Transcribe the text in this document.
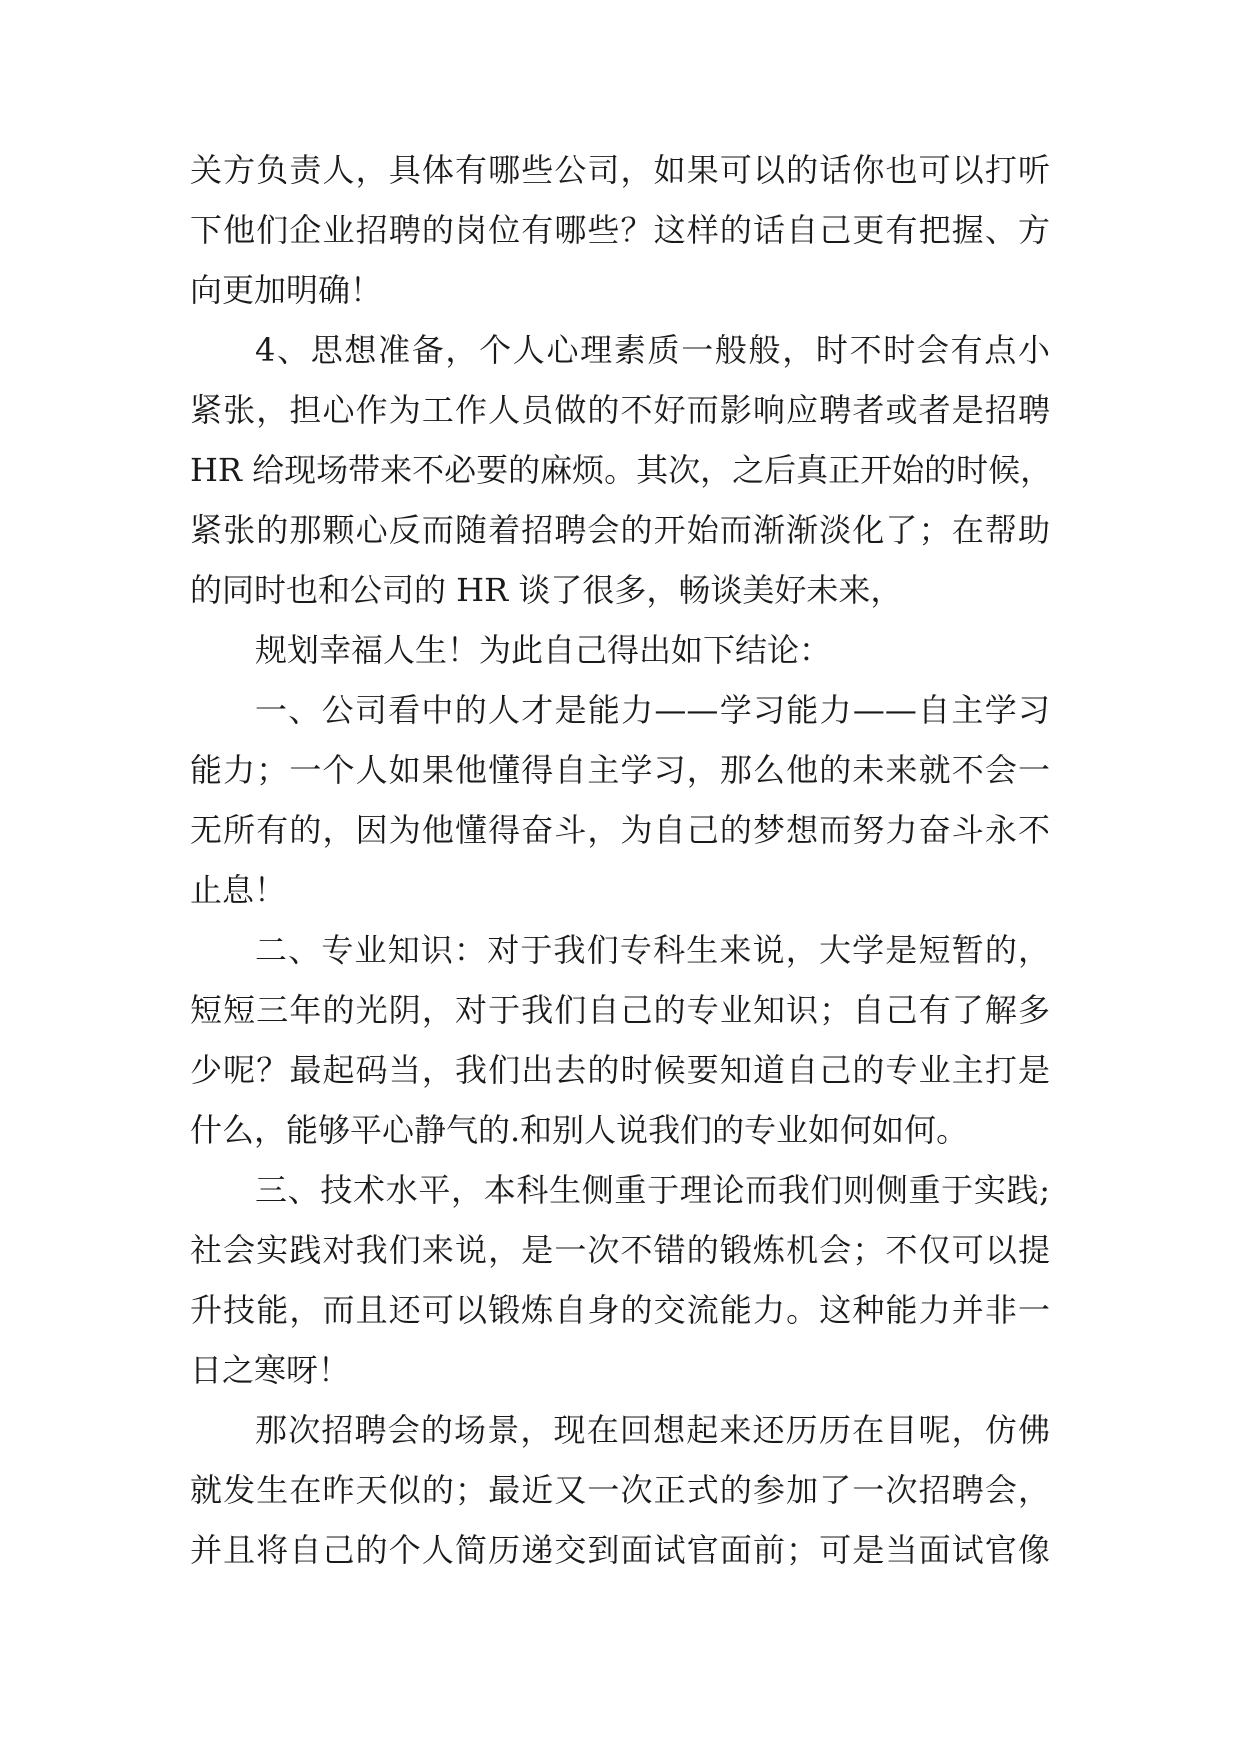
关方负责人，具体有哪些公司，如果可以的话你也可以打听
下他们企业招聘的岗位有哪些？这样的话自己更有把握、方
向更加明确！
4、思想准备，个人心理素质一般般，时不时会有点小
紧张，担心作为工作人员做的不好而影响应聘者或者是招聘
HR 给现场带来不必要的麻烦。其次，之后真正开始的时候，
紧张的那颗心反而随着招聘会的开始而渐渐淡化了；在帮助
的同时也和公司的 HR 谈了很多，畅谈美好未来，
规划幸福人生！为此自己得出如下结论：
一、公司看中的人才是能力——学习能力——自主学习
能力；一个人如果他懂得自主学习，那么他的未来就不会一
无所有的，因为他懂得奋斗，为自己的梦想而努力奋斗永不
止息！
二、专业知识：对于我们专科生来说，大学是短暂的，
短短三年的光阴，对于我们自己的专业知识；自己有了解多
少呢？最起码当，我们出去的时候要知道自己的专业主打是
什么，能够平心静气的.和别人说我们的专业如何如何。
三、技术水平，本科生侧重于理论而我们则侧重于实践;
社会实践对我们来说，是一次不错的锻炼机会；不仅可以提
升技能，而且还可以锻炼自身的交流能力。这种能力并非一
日之寒呀！
那次招聘会的场景，现在回想起来还历历在目呢，仿佛
就发生在昨天似的；最近又一次正式的参加了一次招聘会，
并且将自己的个人简历递交到面试官面前；可是当面试官像
